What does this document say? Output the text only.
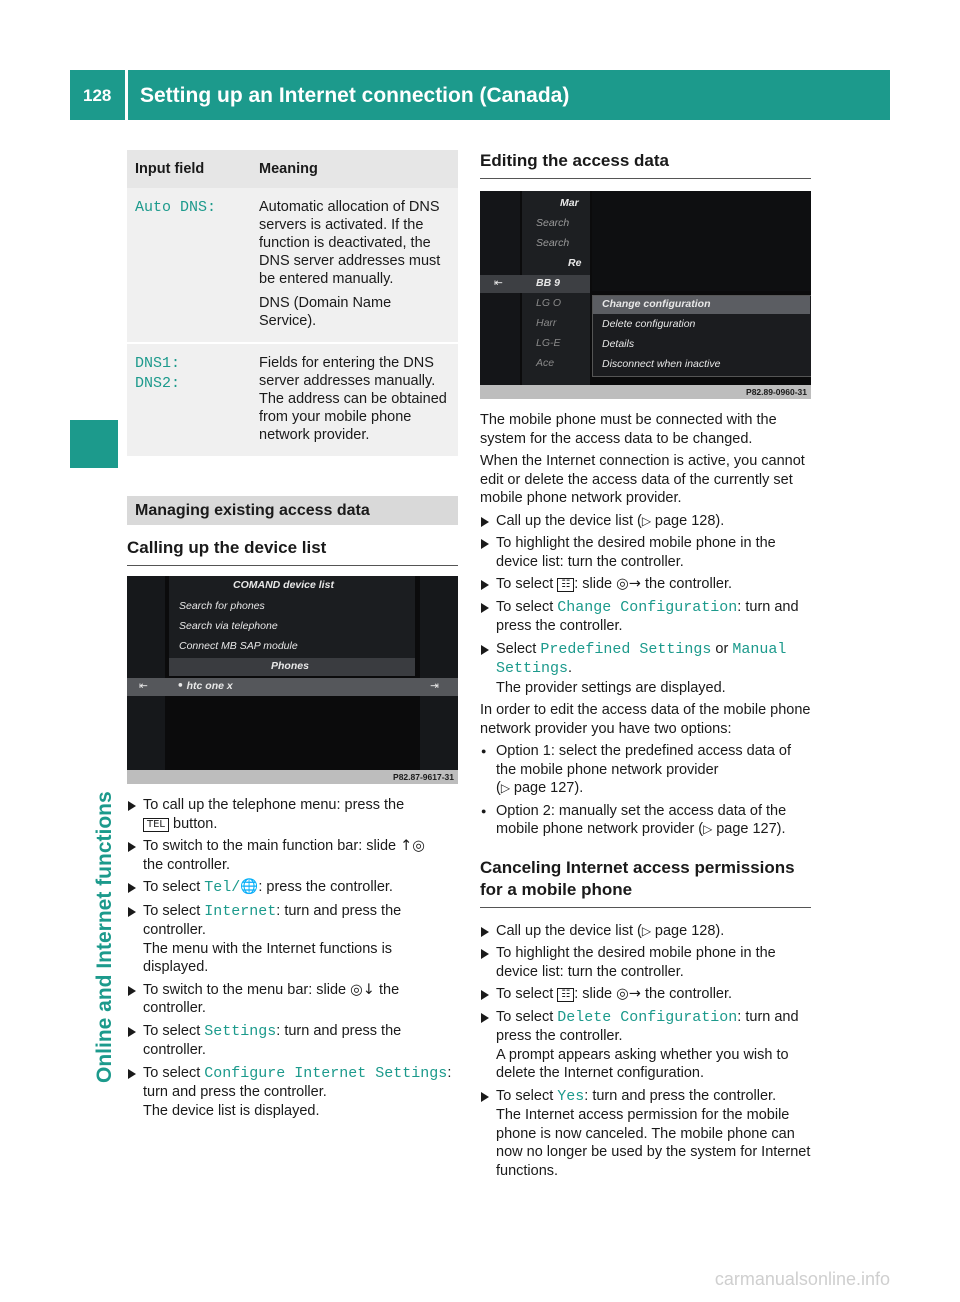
128 Setting up an Internet connection (Canada)
Online and Internet functions
Input field	Meaning

Auto DNS:	Automatic allocation of DNS servers is activated. If the function is deactivated, the DNS server addresses must be entered manually.

DNS (Domain Name Service).

DNS1:
DNS2:	Fields for entering the DNS server addresses manually. The address can be obtained from your mobile phone network provider.

Managing existing access data
Calling up the device list
COMAND device list
Search for phones
Search via telephone
Connect MB SAP module
Phones
• htc one x
⇤	⇥
P82.87-9617-31
To call up the telephone menu: press the
TEL button.
To switch to the main function bar: slide ↑◎
the controller.
To select Tel/🌐: press the controller.
To select Internet: turn and press the controller.
The menu with the Internet functions is displayed.
To switch to the menu bar: slide ◎↓ the controller.
To select Settings: turn and press the controller.
To select Configure Internet Settings:
turn and press the controller.
The device list is displayed.
Editing the access data
Mar
Search
Search
Re
BB 9
⇤
LG O
Harr
LG-E
Ace
Change configuration
Delete configuration
Details
Disconnect when inactive
P82.89-0960-31

The mobile phone must be connected with the system for the access data to be changed.

When the Internet connection is active, you cannot edit or delete the access data of the currently set mobile phone network provider.

Call up the device list (▷ page 128).
To highlight the desired mobile phone in the device list: turn the controller.
To select ☷ : slide ◎→ the controller.
To select Change Configuration: turn and press the controller.
Select Predefined Settings or Manual Settings.
The provider settings are displayed.

In order to edit the access data of the mobile phone network provider you have two options:

● Option 1: select the predefined access data of the mobile phone network provider
(▷ page 127).
● Option 2: manually set the access data of the mobile phone network provider (▷ page 127).
Canceling Internet access permissions for a mobile phone
Call up the device list (▷ page 128).
To highlight the desired mobile phone in the device list: turn the controller.
To select ☷ : slide ◎→ the controller.
To select Delete Configuration: turn and press the controller.
A prompt appears asking whether you wish to delete the Internet configuration.
To select Yes: turn and press the controller.
The Internet access permission for the mobile phone is now canceled. The mobile phone can now no longer be used by the system for Internet functions.
carmanualsonline.info
